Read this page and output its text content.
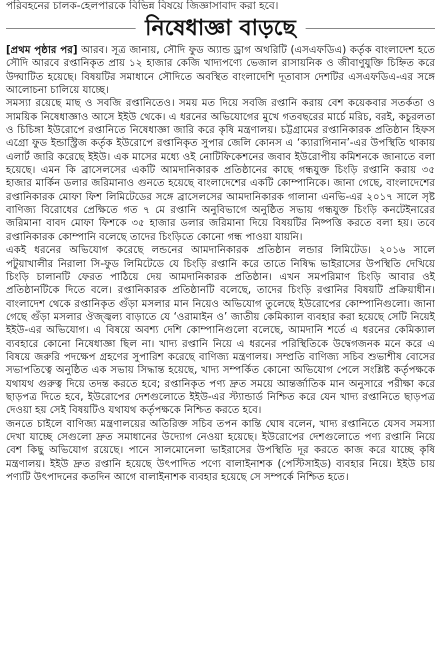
পরিবহনের চালক-হেলপারকে বিভিন্ন বিষয়ে জিজ্ঞাসাবাদ করা হবে।
নিষেধাজ্ঞা বাড়ছে

[প্রথম পৃষ্ঠার পর] আরব। সূত্র জানায়, সৌদি ফুড অ্যান্ড ড্রাগ অথরিটি (এসএফডিএ) কর্তৃক বাংলাদেশ হতে সৌদি আরবে রপ্তানিকৃত প্রায় ১২ হাজার কেজি খাদ্যপণ্যে ভেজাল রাসায়নিক ও জীবাণুযুক্তি চিহ্নিত করে উদ্ঘাটিত হয়েছে। বিষয়টির সমাধানে সৌদিতে অবস্থিত বাংলাদেশি দূতাবাস দেশটির এসএফডিএ-এর সঙ্গে আলোচনা চালিয়ে যাচ্ছে।

সমস্যা রয়েছে মাছ ও সবজি রপ্তানিতেও। সময় মত দিয়ে সবজি রপ্তানি করায় বেশ কয়েকবার সতর্কতা ও সাময়িক নিষেধাজ্ঞাও আসে ইইউ থেকে। এ ধরনের অভিযোগের মুখে গতবছরের মার্চে মরিচ, বরই, কচুরলতা ও চিচিঙ্গা ইউরোপে রপ্তানিতে নিষেধাজ্ঞা জারি করে কৃষি মন্ত্রণালয়। চট্টগ্রামের রপ্তানিকারক প্রতিষ্ঠান হিফস এগ্রো ফুড ইন্ডাস্ট্রিজ কর্তৃক ইউরোপে রপ্তানিকৃত সুপার জেলি কোনস এ ‘ক্যারাগিনান’-এর উপস্থিতি থাকায় এলার্ট জারি করেছে ইইউ। এক মাসের মধ্যে ওই নোটিফিকেশনের জবাব ইউরোপীয় কমিশনকে জানাতে বলা হয়েছে। এমন কি ব্রাসেলসের একটি আমদানিকারক প্রতিষ্ঠানের কাছে গন্ধযুক্ত চিংড়ি রপ্তানি করায় ৩৫ হাজার মার্কিন ডলার জরিমানাও গুনতে হয়েছে বাংলাদেশের একটি কোম্পানিকে। জানা গেছে, বাংলাদেশের রপ্তানিকারক মোফা ফিশ লিমিটেডের সঙ্গে ব্রাসেলসের আমদানিকারক গালানা এনভি-এর ২০১৭ সালে সৃষ্ট বাণিজ্য বিরোধের প্রেক্ষিতে গত ৭ মে রপ্তানি অনুবিভাগে অনুষ্ঠিত সভায় গন্ধযুক্ত চিংড়ি কনটেইনারের জরিমানা বাবদ মোফা ফিশকে ৩৫ হাজার ডলার জরিমানা দিয়ে বিষয়টির নিষ্পত্তি করতে বলা হয়। তবে রপ্তানিকারক কোম্পানি বলেছে তাদের চিংড়িতে কোনো গন্ধ পাওয়া যায়নি।

একই ধরনের অভিযোগ করেছে লন্ডনের আমদানিকারক প্রতিষ্ঠান লন্ডার লিমিটেড। ২০১৬ সালে পটুয়াখালীর নিরালা সি-ফুড লিমিটেডে যে চিংড়ি রপ্তানি করে তাতে নিষিদ্ধ ভাইরাসের উপস্থিতি দেখিয়ে চিংড়ি চালানটি ফেরত পাঠিয়ে দেয় আমদানিকারক প্রতিষ্ঠান। এখন সমপরিমাণ চিংড়ি আবার ওই প্রতিষ্ঠানটিকে দিতে বলে। রপ্তানিকারক প্রতিষ্ঠানটি বলেছে, তাদের চিংড়ি রপ্তানির বিষয়টি প্রক্রিয়াধীন। বাংলাদেশ থেকে রপ্তানিকৃত গুঁড়া মসলার মান নিয়েও অভিযোগ তুলেছে ইউরোপের কোম্পানিগুলো। জানা গেছে গুঁড়া মসলার ঔজ্জ্বল্য বাড়াতে যে ‘ওরামাইন ও’ জাতীয় কেমিক্যাল ব্যবহার করা হয়েছে সেটি নিয়েই ইইউ-এর অভিযোগ। এ বিষয়ে অবশ্য দেশি কোম্পানিগুলো বলেছে, আমদানি শর্তে এ ধরনের কেমিক্যাল ব্যবহারে কোনো নিষেধাজ্ঞা ছিল না। খাদ্য রপ্তানি নিয়ে এ ধরনের পরিস্থিতিকে উদ্বেগজনক মনে করে এ বিষয়ে জরুরি পদক্ষেপ গ্রহণের সুপারিশ করেছে বাণিজ্য মন্ত্রণালয়। সম্প্রতি বাণিজ্য সচিব শুভাশীষ বোসের সভাপতিত্বে অনুষ্ঠিত এক সভায় সিদ্ধান্ত হয়েছে, খাদ্য সম্পর্কিত কোনো অভিযোগ পেলে সংশ্লিষ্ট কর্তৃপক্ষকে যথাযথ গুরুত্ব দিয়ে তদন্ত করতে হবে; রপ্তানিকৃত পণ্য দ্রুত সময়ে আন্তর্জাতিক মান অনুসারে পরীক্ষা করে ছাড়পত্র দিতে হবে, ইউরোপের দেশগুলোতে ইইউ-এর স্ট্যান্ডার্ড নিশ্চিত করে যেন খাদ্য রপ্তানিতে ছাড়পত্র দেওয়া হয় সেই বিষয়টিও যথাযথ কর্তৃপক্ষকে নিশ্চিত করতে হবে।

জনতে চাইলে বাণিজ্য মন্ত্রণালয়ের অতিরিক্ত সচিব তপন কান্তি ঘোষ বলেন, খাদ্য রপ্তানিতে যেসব সমস্যা দেখা যাচ্ছে সেগুলো দ্রুত সমাধানের উদ্যোগ নেওয়া হয়েছে। ইউরোপের দেশগুলোতে পণ্য রপ্তানি নিয়ে বেশ কিছু অভিযোগ রয়েছে। পানে সালমোনেলা ভাইরাসের উপস্থিতি দূর করতে কাজ করে যাচ্ছে কৃষি মন্ত্রণালয়। ইইউ দ্রুত রপ্তানি হয়েছে উৎপাদিত পণ্যে বালাইনাশক (পেস্টিসাইড) ব্যবহার নিয়ে। ইইউ চায় পণ্যটি উৎপাদনের কতদিন আগে বালাইনাশক ব্যবহার হয়েছে সে সম্পর্কে নিশ্চিত হতে।
